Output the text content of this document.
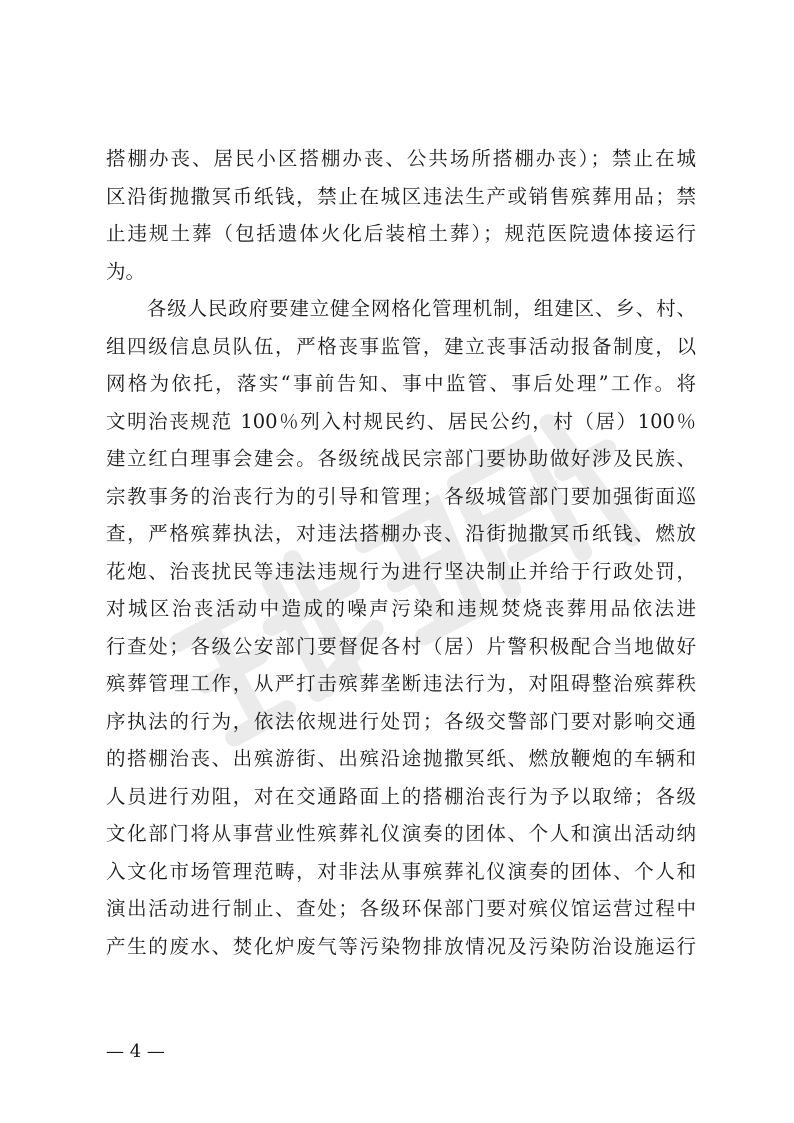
搭棚办丧、居民小区搭棚办丧、公共场所搭棚办丧）；禁止在城
区沿街抛撒冥币纸钱，禁止在城区违法生产或销售殡葬用品；禁
止违规土葬（包括遗体火化后装棺土葬）；规范医院遗体接运行
为。
　　各级人民政府要建立健全网格化管理机制，组建区、乡、村、
组四级信息员队伍，严格丧事监管，建立丧事活动报备制度，以
网格为依托，落实“事前告知、事中监管、事后处理”工作。将
文明治丧规范 100％列入村规民约、居民公约，村（居）100％
建立红白理事会建会。各级统战民宗部门要协助做好涉及民族、
宗教事务的治丧行为的引导和管理；各级城管部门要加强街面巡
查，严格殡葬执法，对违法搭棚办丧、沿街抛撒冥币纸钱、燃放
花炮、治丧扰民等违法违规行为进行坚决制止并给于行政处罚，
对城区治丧活动中造成的噪声污染和违规焚烧丧葬用品依法进
行查处；各级公安部门要督促各村（居）片警积极配合当地做好
殡葬管理工作，从严打击殡葬垄断违法行为，对阻碍整治殡葬秩
序执法的行为，依法依规进行处罚；各级交警部门要对影响交通
的搭棚治丧、出殡游街、出殡沿途抛撒冥纸、燃放鞭炮的车辆和
人员进行劝阻，对在交通路面上的搭棚治丧行为予以取缔；各级
文化部门将从事营业性殡葬礼仪演奏的团体、个人和演出活动纳
入文化市场管理范畴，对非法从事殡葬礼仪演奏的团体、个人和
演出活动进行制止、查处；各级环保部门要对殡仪馆运营过程中
产生的废水、焚化炉废气等污染物排放情况及污染防治设施运行
— 4 —
